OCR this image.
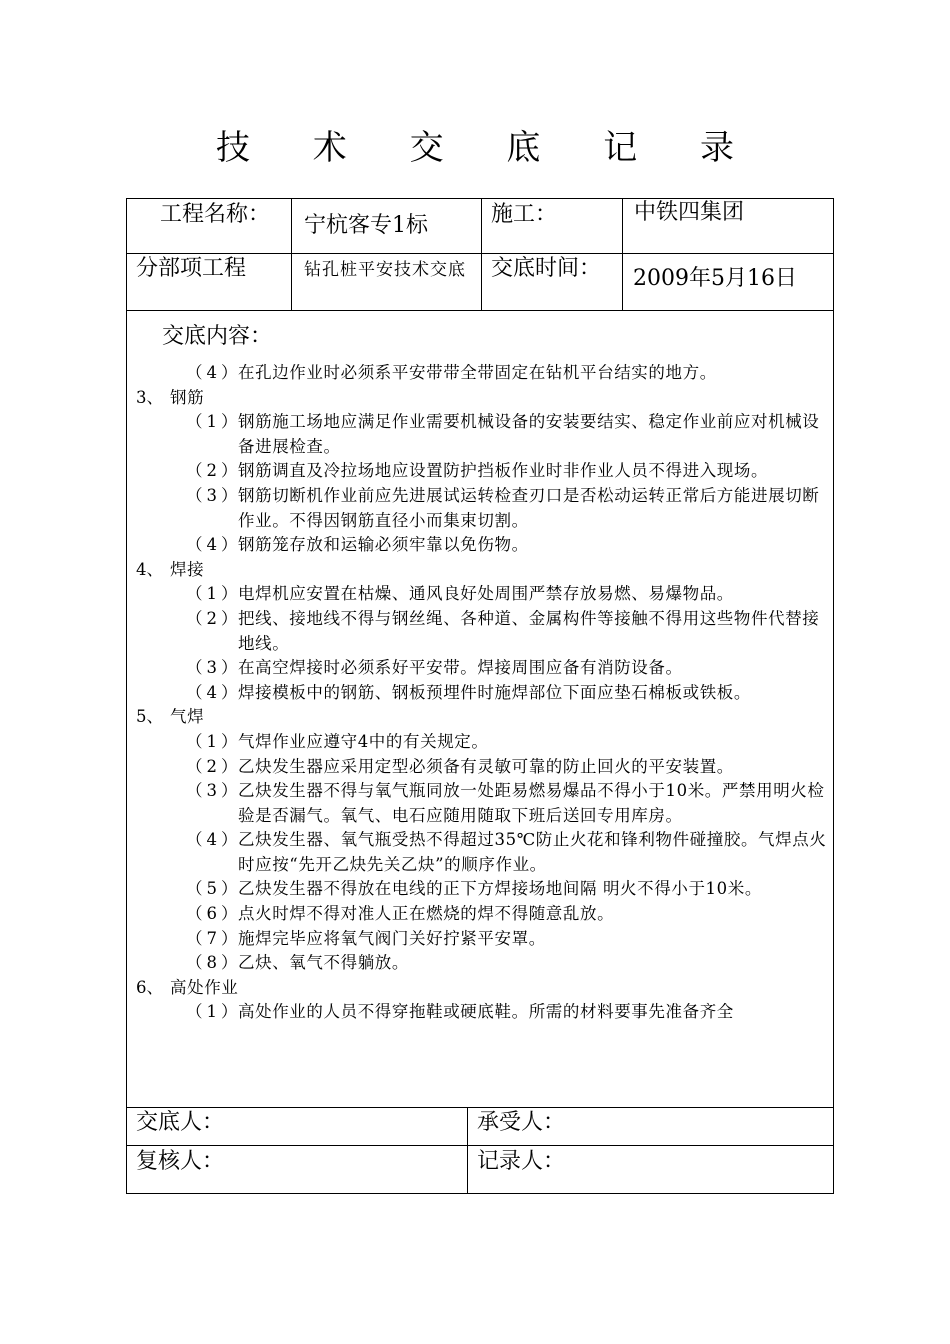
技 术 交 底 记 录
工程名称： 宁杭客专1标	施工：	中铁四集团
分部项工程	钻孔桩平安技术交底	交底时间： 2009年5月16日
交底内容：
（4）
在孔边作业时必须系平安带带全带固定在钻机平台结实的地方。
3、 钢筋
（1）
钢筋施工场地应满足作业需要机械设备的安装要结实、稳定作业前应对机械设备进展检查。
（2）
钢筋调直及冷拉场地应设置防护挡板作业时非作业人员不得进入现场。
（3）
钢筋切断机作业前应先进展试运转检查刃口是否松动运转正常后方能进展切断作业。不得因钢筋直径小而集束切割。
（4）
钢筋笼存放和运输必须牢靠以免伤物。
4、 焊接
（1）
电焊机应安置在枯燥、通风良好处周围严禁存放易燃、易爆物品。
（2）
把线、接地线不得与钢丝绳、各种道、金属构件等接触不得用这些物件代替接地线。
（3）
在高空焊接时必须系好平安带。焊接周围应备有消防设备。
（4）
焊接模板中的钢筋、钢板预埋件时施焊部位下面应垫石棉板或铁板。
5、 气焊
（1）
气焊作业应遵守4中的有关规定。
（2）
乙炔发生器应采用定型必须备有灵敏可靠的防止回火的平安装置。
（3）
乙炔发生器不得与氧气瓶同放一处距易燃易爆品不得小于10米。严禁用明火检验是否漏气。氧气、电石应随用随取下班后送回专用库房。
（4）
乙炔发生器、氧气瓶受热不得超过35℃防止火花和锋利物件碰撞胶。气焊点火时应按“先开乙炔先关乙炔”的顺序作业。
（5）
乙炔发生器不得放在电线的正下方焊接场地间隔 明火不得小于10米。
（6）
点火时焊不得对准人正在燃烧的焊不得随意乱放。
（7）
施焊完毕应将氧气阀门关好拧紧平安罩。
（8）
乙炔、氧气不得躺放。
6、 高处作业
（1）
高处作业的人员不得穿拖鞋或硬底鞋。所需的材料要事先准备齐全
交底人：	承受人：
复核人：	记录人：
